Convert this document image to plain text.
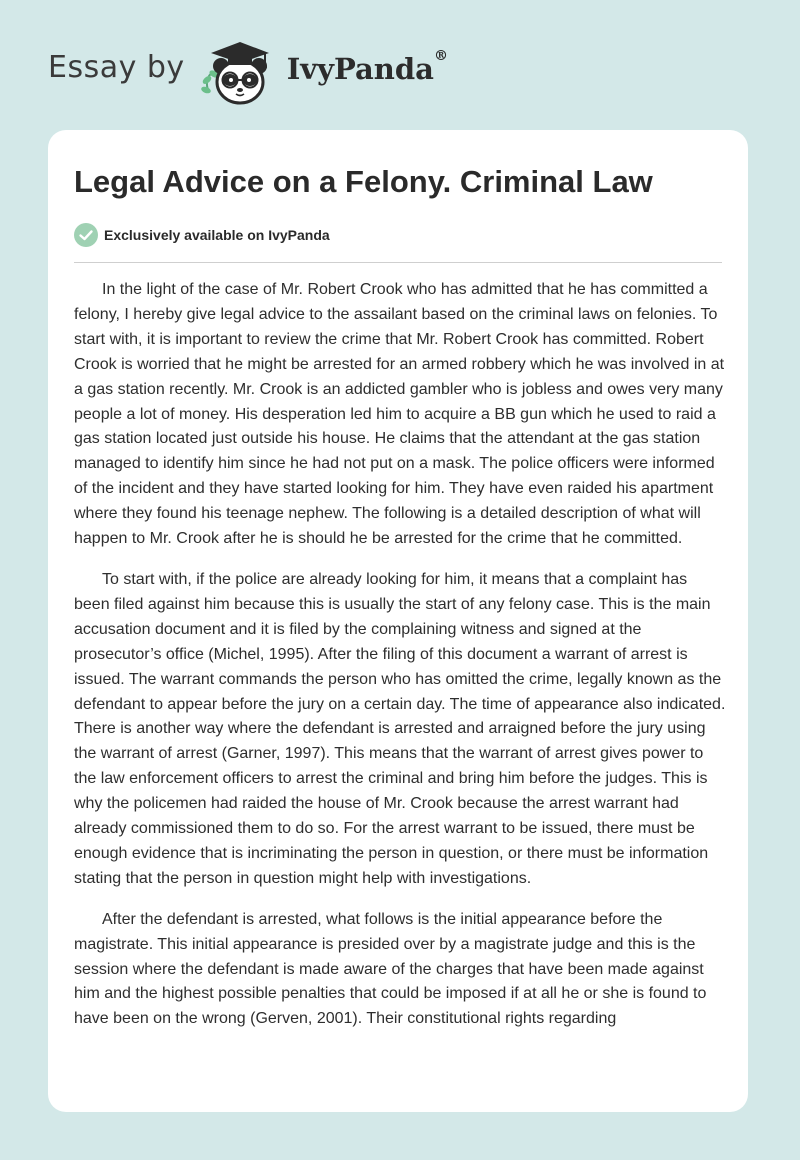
Essay by	IvyPanda®
Legal Advice on a Felony. Criminal Law
Exclusively available on IvyPanda

In the light of the case of Mr. Robert Crook who has admitted that he has committed a felony, I hereby give legal advice to the assailant based on the criminal laws on felonies. To start with, it is important to review the crime that Mr. Robert Crook has committed. Robert Crook is worried that he might be arrested for an armed robbery which he was involved in at a gas station recently. Mr. Crook is an addicted gambler who is jobless and owes very many people a lot of money. His desperation led him to acquire a BB gun which he used to raid a gas station located just outside his house. He claims that the attendant at the gas station managed to identify him since he had not put on a mask. The police officers were informed of the incident and they have started looking for him. They have even raided his apartment where they found his teenage nephew. The following is a detailed description of what will happen to Mr. Crook after he is should he be arrested for the crime that he committed.

To start with, if the police are already looking for him, it means that a complaint has been filed against him because this is usually the start of any felony case. This is the main accusation document and it is filed by the complaining witness and signed at the prosecutor’s office (Michel, 1995). After the filing of this document a warrant of arrest is issued. The warrant commands the person who has omitted the crime, legally known as the defendant to appear before the jury on a certain day. The time of appearance also indicated. There is another way where the defendant is arrested and arraigned before the jury using the warrant of arrest (Garner, 1997). This means that the warrant of arrest gives power to the law enforcement officers to arrest the criminal and bring him before the judges. This is why the policemen had raided the house of Mr. Crook because the arrest warrant had already commissioned them to do so. For the arrest warrant to be issued, there must be enough evidence that is incriminating the person in question, or there must be information stating that the person in question might help with investigations.

After the defendant is arrested, what follows is the initial appearance before the magistrate. This initial appearance is presided over by a magistrate judge and this is the session where the defendant is made aware of the charges that have been made against him and the highest possible penalties that could be imposed if at all he or she is found to have been on the wrong (Gerven, 2001). Their constitutional rights regarding
